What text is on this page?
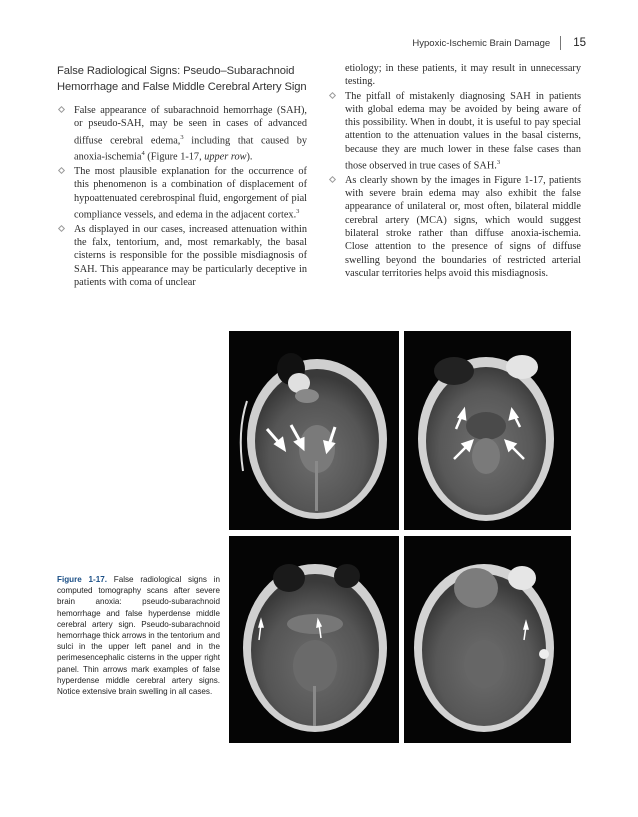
Hypoxic-Ischemic Brain Damage 15
False Radiological Signs: Pseudo–Subarachnoid
Hemorrhage and False Middle Cerebral Artery Sign
False appearance of subarachnoid hemorrhage (SAH), or pseudo-SAH, may be seen in cases of advanced diffuse cerebral edema,$^3$ including that caused by anoxia-ischemia$^4$ (Figure 1-17, upper row).
The most plausible explanation for the occurrence of this phenomenon is a combination of displacement of hypoattenuated cerebrospinal fluid, engorgement of pial compliance vessels, and edema in the adjacent cortex.$^3$
As displayed in our cases, increased attenuation within the falx, tentorium, and, most remarkably, the basal cisterns is responsible for the possible misdiagnosis of SAH. This appearance may be particularly deceptive in patients with coma of unclear
etiology; in these patients, it may result in unnecessary testing.
The pitfall of mistakenly diagnosing SAH in patients with global edema may be avoided by being aware of this possibility. When in doubt, it is useful to pay special attention to the attenuation values in the basal cisterns, because they are much lower in these false cases than those observed in true cases of SAH.$^3$
As clearly shown by the images in Figure 1-17, patients with severe brain edema may also exhibit the false appearance of unilateral or, most often, bilateral middle cerebral artery (MCA) signs, which would suggest bilateral stroke rather than diffuse anoxia-ischemia. Close attention to the presence of signs of diffuse swelling beyond the boundaries of restricted arterial vascular territories helps avoid this misdiagnosis.
Figure 1-17. False radiological signs in computed tomography scans after severe brain anoxia: pseudo-subarachnoid hemorrhage and false hyperdense middle cerebral artery sign. Pseudo-subarachnoid hemorrhage thick arrows in the tentorium and sulci in the upper left panel and in the perimesencephalic cisterns in the upper right panel. Thin arrows mark examples of false hyperdense middle cerebral artery signs. Notice extensive brain swelling in all cases.
